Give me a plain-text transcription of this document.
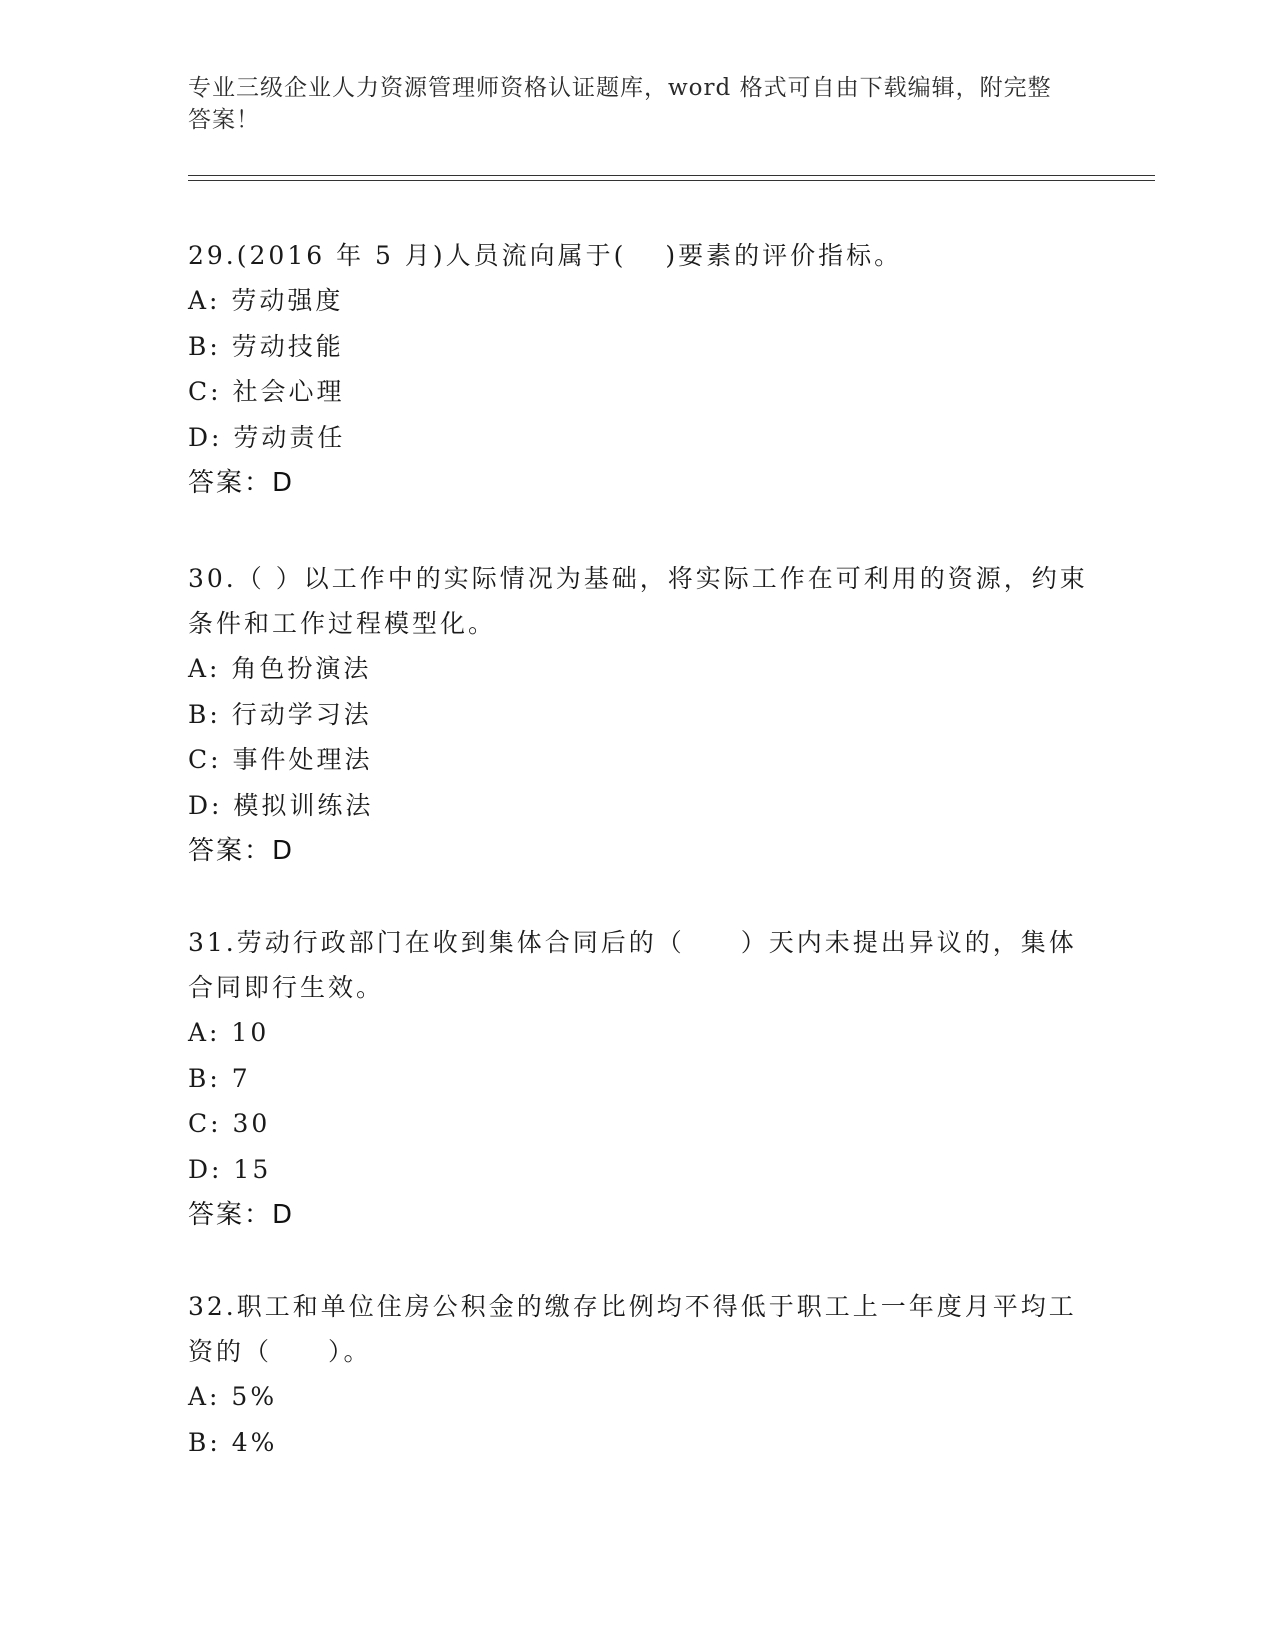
专业三级企业人力资源管理师资格认证题库，word 格式可自由下载编辑，附完整答案！

29.(2016 年 5 月)人员流向属于(　 )要素的评价指标。

A: 劳动强度

B: 劳动技能

C: 社会心理

D: 劳动责任

答案：D

30.（ ）以工作中的实际情况为基础，将实际工作在可利用的资源，约束条件和工作过程模型化。

A: 角色扮演法

B: 行动学习法

C: 事件处理法

D: 模拟训练法

答案：D

31.劳动行政部门在收到集体合同后的（　　）天内未提出异议的，集体合同即行生效。

A: 10

B: 7

C: 30

D: 15

答案：D

32.职工和单位住房公积金的缴存比例均不得低于职工上一年度月平均工资的（　　）。

A: 5%

B: 4%
